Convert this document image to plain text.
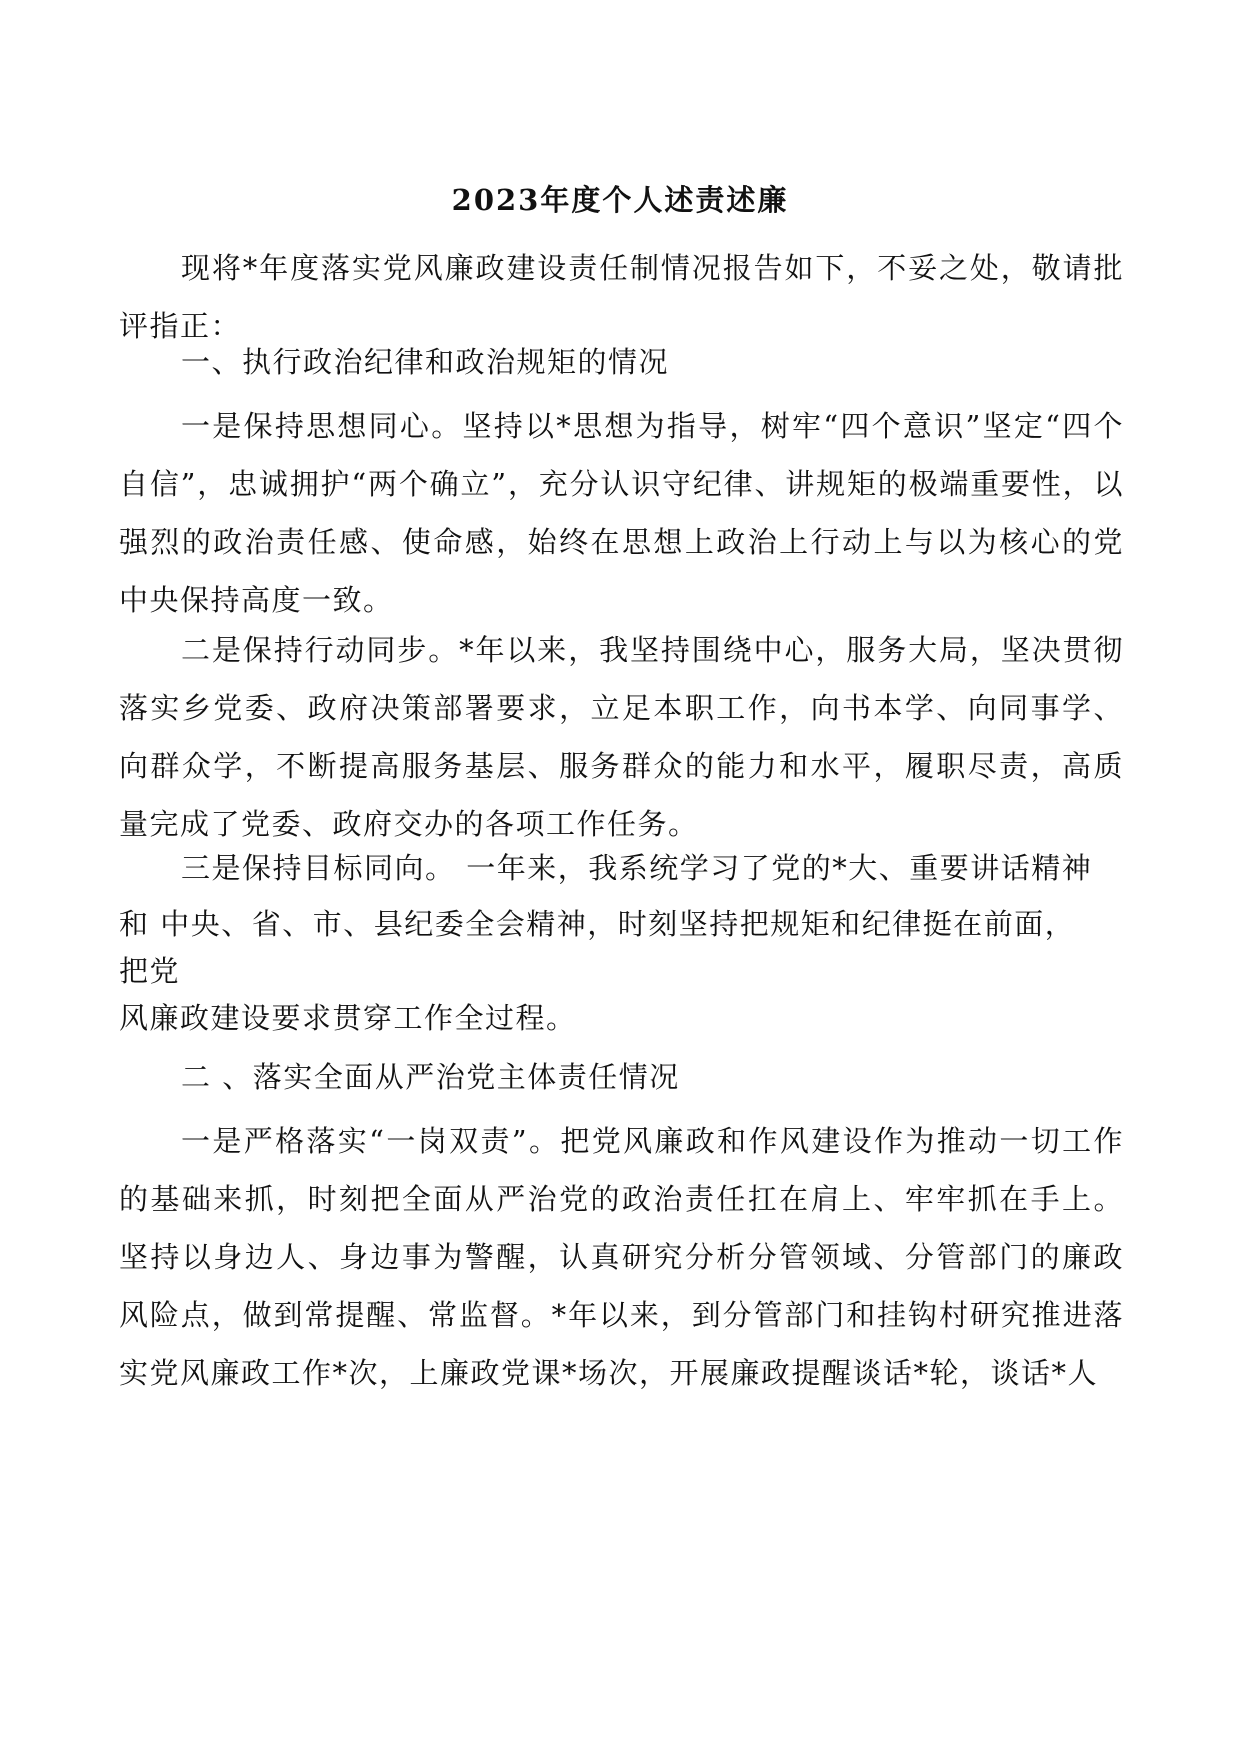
2023年度个人述责述廉

现将*年度落实党风廉政建设责任制情况报告如下，不妥之处，敬请批评指正：

一、执行政治纪律和政治规矩的情况

一是保持思想同心。坚持以*思想为指导，树牢“四个意识”坚定“四个自信”，忠诚拥护“两个确立”，充分认识守纪律、讲规矩的极端重要性，以强烈的政治责任感、使命感，始终在思想上政治上行动上与以为核心的党中央保持高度一致。

二是保持行动同步。*年以来，我坚持围绕中心，服务大局，坚决贯彻落实乡党委、政府决策部署要求，立足本职工作，向书本学、向同事学、向群众学，不断提高服务基层、服务群众的能力和水平，履职尽责，高质量完成了党委、政府交办的各项工作任务。

三是保持目标同向。 一年来，我系统学习了党的*大、重要讲话精神

和 中央、省、市、县纪委全会精神，时刻坚持把规矩和纪律挺在前面，

把党

风廉政建设要求贯穿工作全过程。

二 、落实全面从严治党主体责任情况

一是严格落实“一岗双责”。把党风廉政和作风建设作为推动一切工作的基础来抓，时刻把全面从严治党的政治责任扛在肩上、牢牢抓在手上。坚持以身边人、身边事为警醒，认真研究分析分管领域、分管部门的廉政风险点，做到常提醒、常监督。*年以来，到分管部门和挂钩村研究推进落实党风廉政工作*次，上廉政党课*场次，开展廉政提醒谈话*轮，谈话*人
